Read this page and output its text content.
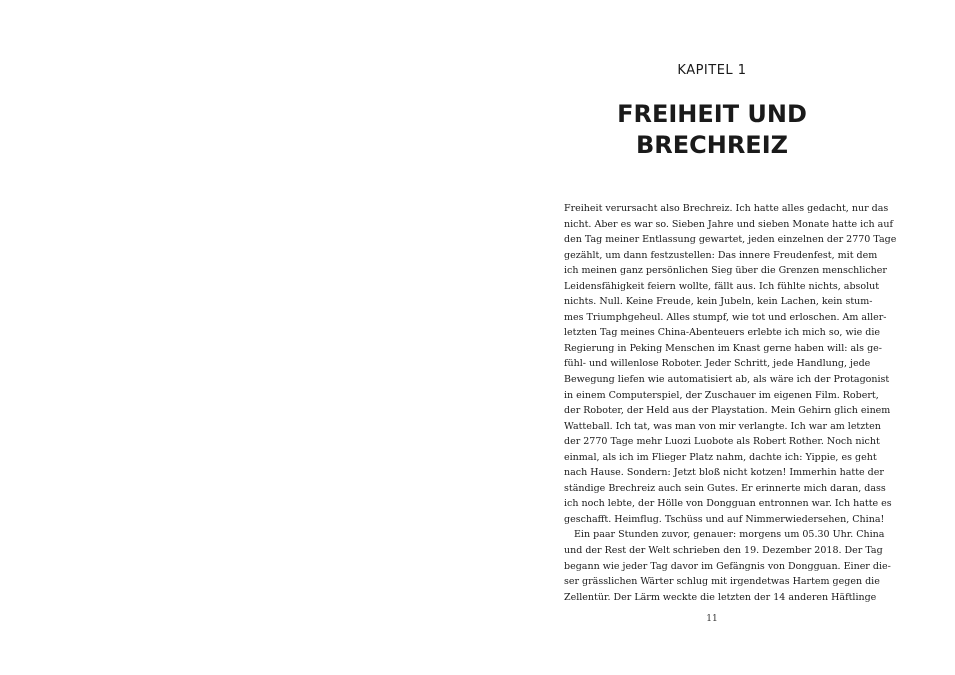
KAPITEL 1
FREIHEIT UND
BRECHREIZ
Freiheit verursacht also Brechreiz. Ich hatte alles gedacht, nur das
nicht. Aber es war so. Sieben Jahre und sieben Monate hatte ich auf
den Tag meiner Entlassung gewartet, jeden einzelnen der 2770 Tage
gezählt, um dann festzustellen: Das innere Freudenfest, mit dem
ich meinen ganz persönlichen Sieg über die Grenzen menschlicher
Leidensfähigkeit feiern wollte, fällt aus. Ich fühlte nichts, absolut
nichts. Null. Keine Freude, kein Jubeln, kein Lachen, kein stum-
mes Triumphgeheul. Alles stumpf, wie tot und erloschen. Am aller-
letzten Tag meines China-Abenteuers erlebte ich mich so, wie die
Regierung in Peking Menschen im Knast gerne haben will: als ge-
fühl- und willenlose Roboter. Jeder Schritt, jede Handlung, jede
Bewegung liefen wie automatisiert ab, als wäre ich der Protagonist
in einem Computerspiel, der Zuschauer im eigenen Film. Robert,
der Roboter, der Held aus der Playstation. Mein Gehirn glich einem
Watteball. Ich tat, was man von mir verlangte. Ich war am letzten
der 2770 Tage mehr Luozi Luobote als Robert Rother. Noch nicht
einmal, als ich im Flieger Platz nahm, dachte ich: Yippie, es geht
nach Hause. Sondern: Jetzt bloß nicht kotzen! Immerhin hatte der
ständige Brechreiz auch sein Gutes. Er erinnerte mich daran, dass
ich noch lebte, der Hölle von Dongguan entronnen war. Ich hatte es
geschafft. Heimflug. Tschüss und auf Nimmerwiedersehen, China!
Ein paar Stunden zuvor, genauer: morgens um 05.30 Uhr. China
und der Rest der Welt schrieben den 19. Dezember 2018. Der Tag
begann wie jeder Tag davor im Gefängnis von Dongguan. Einer die-
ser grässlichen Wärter schlug mit irgendetwas Hartem gegen die
Zellentür. Der Lärm weckte die letzten der 14 anderen Häftlinge
11
